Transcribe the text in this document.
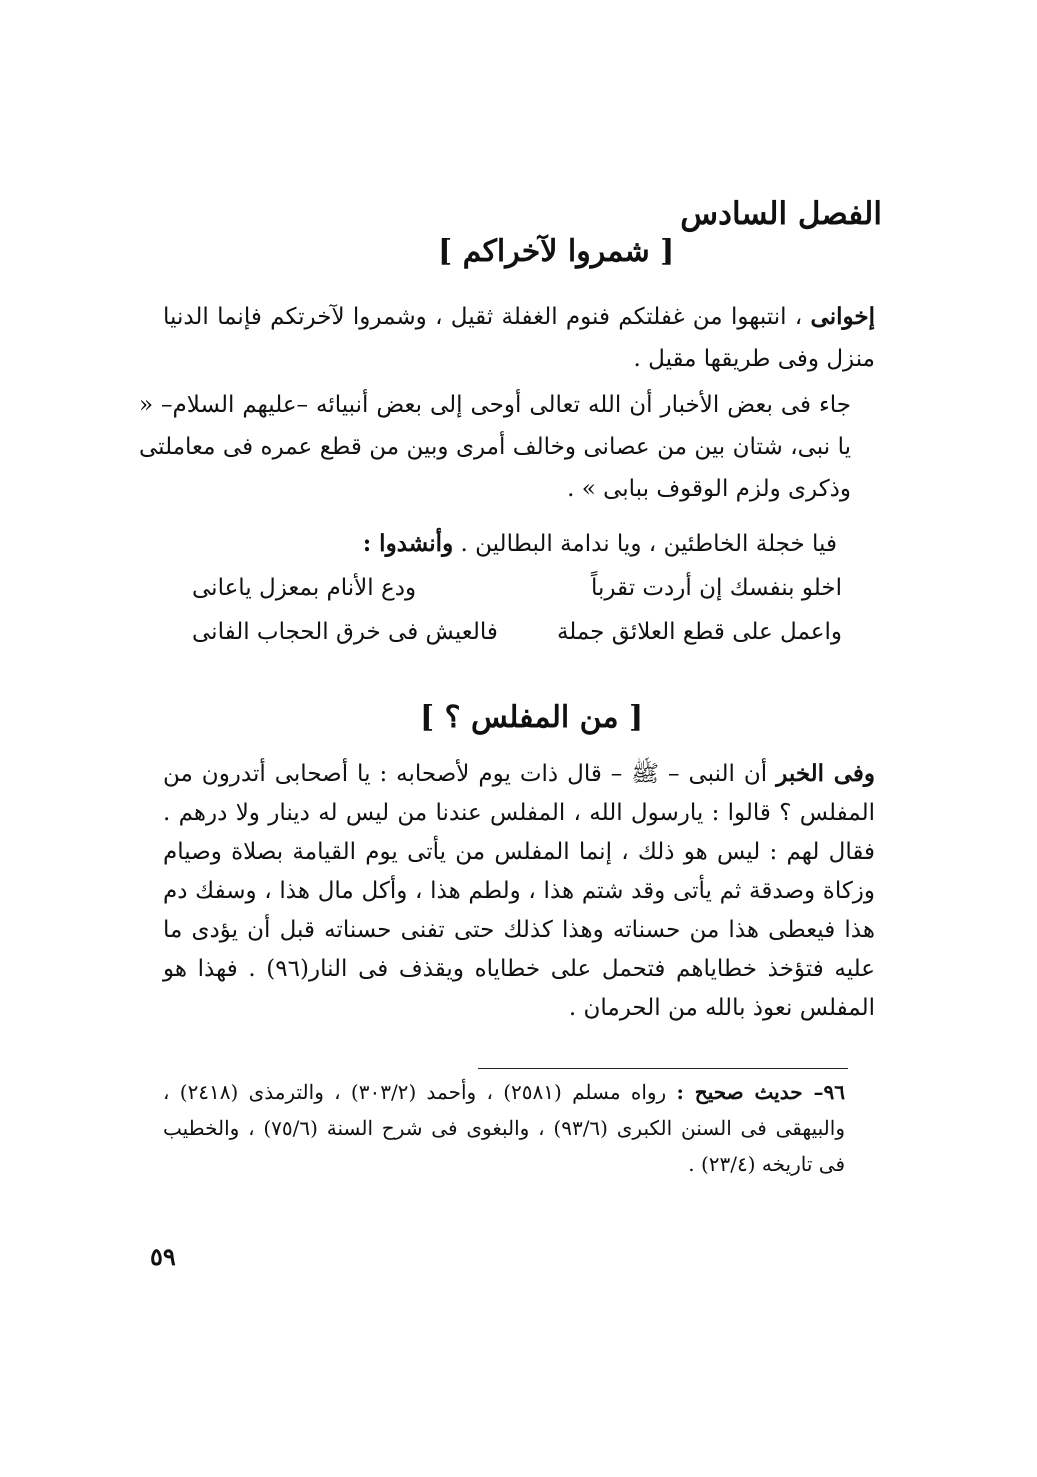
الفصل السادس
[ شمروا لآخراكم ]
إخوانى ، انتبهوا من غفلتكم فنوم الغفلة ثقيل ، وشمروا لآخرتكم فإنما الدنيا منزل وفى طريقها مقيل .
جاء فى بعض الأخبار أن الله تعالى أوحى إلى بعض أنبيائه –عليهم السلام– « يا نبى، شتان بين من عصانى وخالف أمرى وبين من قطع عمره فى معاملتى وذكرى ولزم الوقوف ببابى » .
فيا خجلة الخاطئين ، ويا ندامة البطالين . وأنشدوا :
اخلو بنفسك إن أردت تقرباً
ودع الأنام بمعزل ياعانى
واعمل على قطع العلائق جملة
فالعيش فى خرق الحجاب الفانى
[ من المفلس ؟ ]
وفى الخبر أن النبى – ﷺ – قال ذات يوم لأصحابه : يا أصحابى أتدرون من المفلس ؟ قالوا : يارسول الله ، المفلس عندنا من ليس له دينار ولا درهم . فقال لهم : ليس هو ذلك ، إنما المفلس من يأتى يوم القيامة بصلاة وصيام وزكاة وصدقة ثم يأتى وقد شتم هذا ، ولطم هذا ، وأكل مال هذا ، وسفك دم هذا فيعطى هذا من حسناته وهذا كذلك حتى تفنى حسناته قبل أن يؤدى ما عليه فتؤخذ خطاياهم فتحمل على خطاياه ويقذف فى النار(٩٦) . فهذا هو المفلس نعوذ بالله من الحرمان .
٩٦– حديث صحيح : رواه مسلم (٢٥٨١) ، وأحمد (٣٠٣/٢) ، والترمذى (٢٤١٨) ، والبيهقى فى السنن الكبرى (٩٣/٦) ، والبغوى فى شرح السنة (٧٥/٦) ، والخطيب فى تاريخه (٢٣/٤) .
٥٩
